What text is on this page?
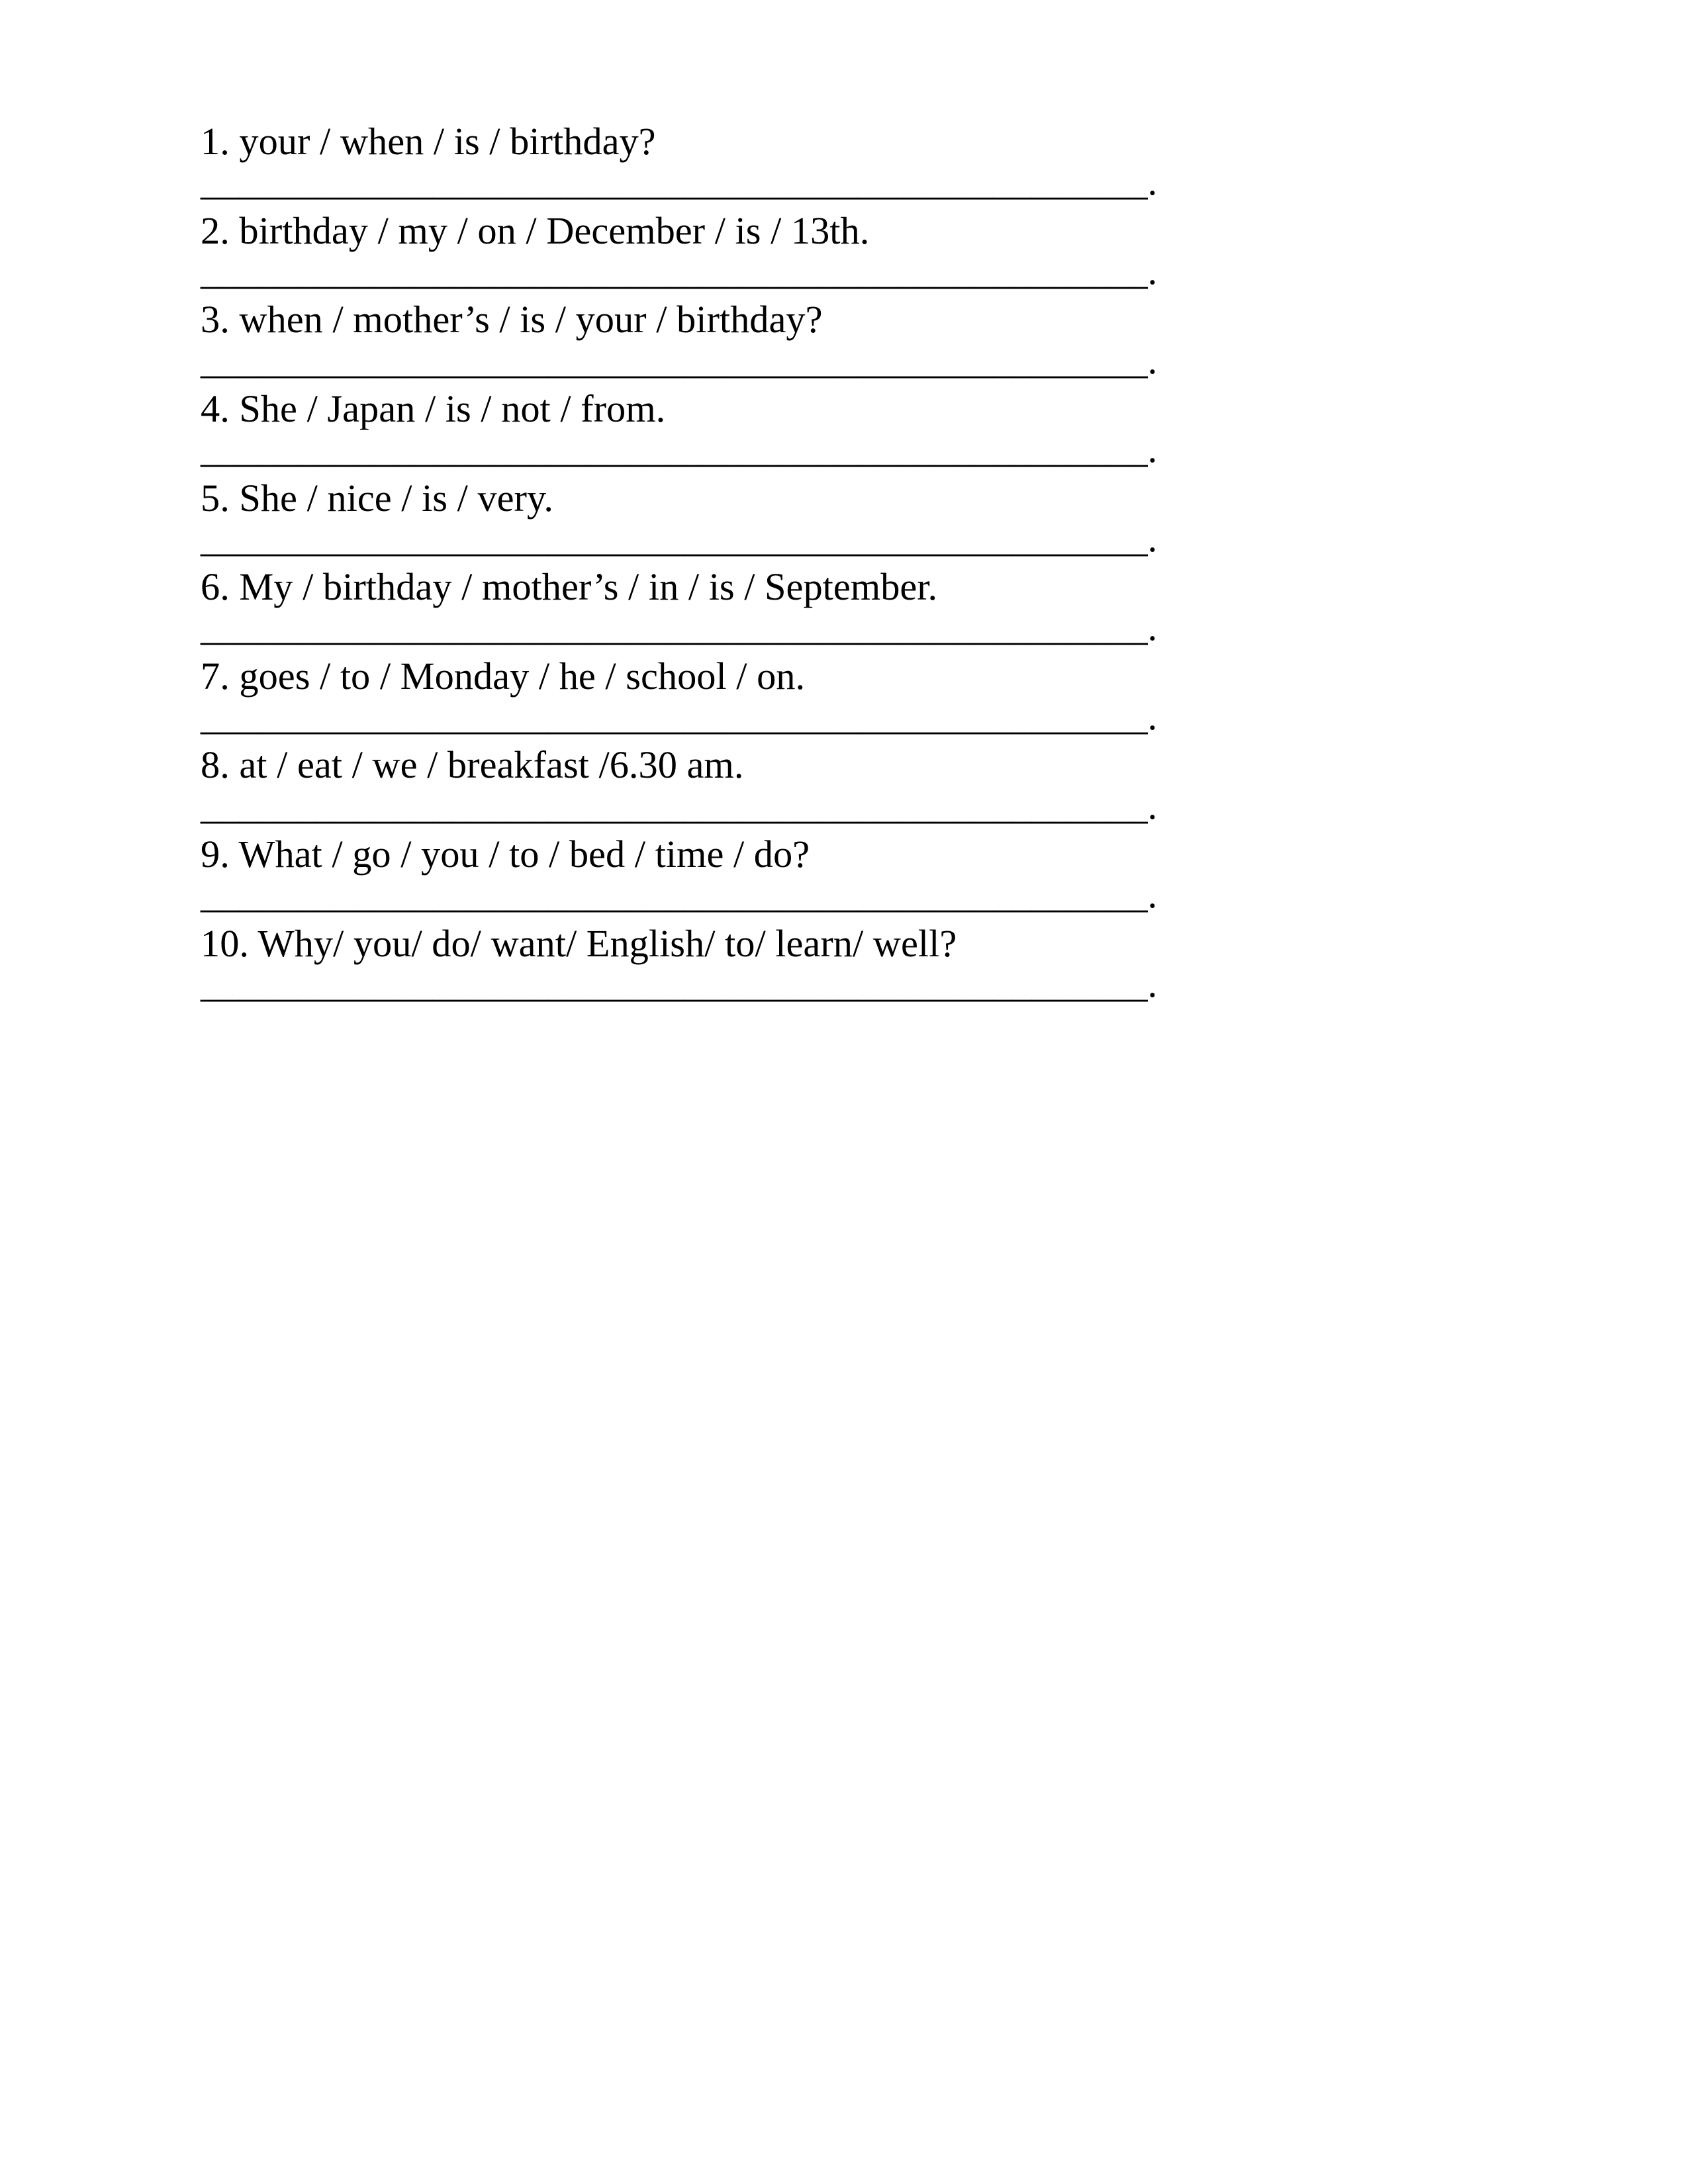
1. your / when / is / birthday?
_________________________________________________.
2. birthday / my / on / December / is / 13th.
_________________________________________________.
3. when / mother’s / is / your / birthday?
_________________________________________________.
4. She / Japan / is / not / from.
_________________________________________________.
5. She / nice / is / very.
_________________________________________________.
6. My / birthday / mother’s / in / is / September.
_________________________________________________.
7. goes / to / Monday / he / school / on.
_________________________________________________.
8. at / eat / we / breakfast /6.30 am.
_________________________________________________.
9. What / go / you / to / bed / time / do?
_________________________________________________.
10. Why/ you/ do/ want/ English/ to/ learn/ well?
_________________________________________________.
